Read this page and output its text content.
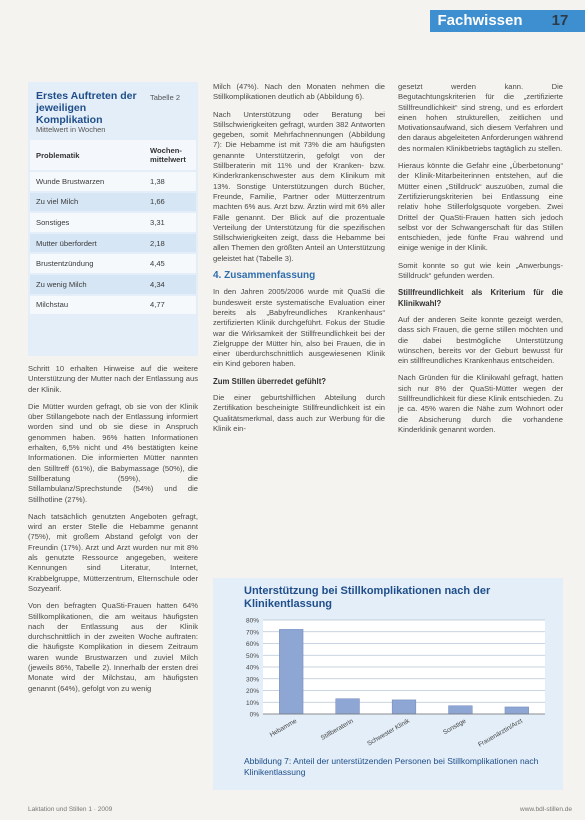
Fachwissen	17
Erstes Auftreten der jeweiligen Komplikation
Tabelle 2
Mittelwert in Wochen
Problematik	Wochen-mittelwert
Wunde Brustwarzen	1,38
Zu viel Milch	1,66
Sonstiges	3,31
Mutter überfordert	2,18
Brustentzündung	4,45
Zu wenig Milch	4,34
Milchstau	4,77

Schritt 10 erhalten Hinweise auf die weitere Unterstützung der Mutter nach der Entlassung aus der Klinik.

Die Mütter wurden gefragt, ob sie von der Klinik über Stillangebote nach der Entlassung informiert worden sind und ob sie diese in Anspruch genommen haben. 96% hatten Informationen erhalten, 6,5% nicht und 4% bestätigten keine Informationen. Die informierten Mütter nannten den Stilltreff (61%), die Babymassage (50%), die Stillberatung (59%), die Stillambulanz/Sprechstunde (54%) und die Stillhotline (27%).

Nach tatsächlich genutzten Angeboten gefragt, wird an erster Stelle die Hebamme genannt (75%), mit großem Abstand gefolgt von der Freundin (17%). Arzt und Arzt wurden nur mit 8% als genutzte Ressource angegeben, weitere Kennungen sind Literatur, Internet, Krabbelgruppe, Mütterzentrum, Elternschule oder Sozyearif.

Von den befragten QuaSti-Frauen hatten 64% Stillkomplikationen, die am weitaus häufigsten nach der Entlassung aus der Klinik durchschnittlich in der zweiten Woche auftraten: die häufigste Komplikation in diesem Zeitraum waren wunde Brustwarzen und zuviel Milch (jeweils 86%, Tabelle 2). Innerhalb der ersten drei Monate wird der Milchstau, am häufigsten genannt (64%), gefolgt von zu wenig

Milch (47%). Nach den Monaten nehmen die Stillkomplikationen deutlich ab (Abbildung 6).

Nach Unterstützung oder Beratung bei Stillschwierigkeiten gefragt, wurden 382 Antworten gegeben, somit Mehrfachnennungen (Abbildung 7): Die Hebamme ist mit 73% die am häufigsten genannte Unterstützerin, gefolgt von der Stillberaterin mit 11% und der Kranken- bzw. Kinderkrankenschwester aus dem Klinikum mit 13%. Sonstige Unterstützungen durch Bücher, Freunde, Familie, Partner oder Mütterzentrum machten 6% aus. Arzt bzw. Ärztin wird mit 6% aller Fälle genannt. Der Blick auf die prozentuale Verteilung der Unterstützung für die spezifischen Stillschwierigkeiten zeigt, dass die Hebamme bei allen Themen den größten Anteil an Unterstützung geleistet hat (Tabelle 3).

4. Zusammenfassung

In den Jahren 2005/2006 wurde mit QuaSti die bundesweit erste systematische Evaluation einer bereits als „Babyfreundliches Krankenhaus“ zertifizierten Klinik durchgeführt. Fokus der Studie war die Wirksamkeit der Stillfreundlichkeit bei der Zielgruppe der Mütter hin, also bei Frauen, die in einer überdurchschnittlich ausgewiesenen Klinik ein Kind geboren haben.

Zum Stillen überredet gefühlt?

Die einer geburtshilflichen Abteilung durch Zertifikation bescheinigte Stillfreundlichkeit ist ein Qualitätsmerkmal, dass auch zur Werbung für die Klinik ein-

gesetzt werden kann. Die Begutachtungskriterien für die „zertifizierte Stillfreundlichkeit“ sind streng, und es erfordert einen hohen strukturellen, zeitlichen und Motivationsaufwand, sich diesem Verfahren und den daraus abgeleiteten Anforderungen während des normalen Klinikbetriebs tagtäglich zu stellen.

Hieraus könnte die Gefahr eine „Überbetonung“ der Klinik-Mitarbeiterinnen entstehen, auf die Mütter einen „Stilldruck“ auszuüben, zumal die Zertifizierungskriterien bei Entlassung eine relativ hohe Stillerfolgsquote vorgeben. Zwei Drittel der QuaSti-Frauen hatten sich jedoch selbst vor der Schwangerschaft für das Stillen entschieden, jede fünfte Frau während und einige wenige in der Klinik.

Somit konnte so gut wie kein „Anwerbungs-Stilldruck“ gefunden werden.

Stillfreundlichkeit als Kriterium für die Klinikwahl?

Auf der anderen Seite konnte gezeigt werden, dass sich Frauen, die gerne stillen möchten und die dabei bestmögliche Unterstützung wünschen, bereits vor der Geburt bewusst für ein stillfreundliches Krankenhaus entscheiden.

Nach Gründen für die Klinikwahl gefragt, hatten sich nur 8% der QuaSti-Mütter wegen der Stillfreundlichkeit für diese Klinik entschieden. Zu je ca. 45% waren die Nähe zum Wohnort oder die Absicherung durch die vorhandene Kinderklinik genannt worden.

Unterstützung bei Stillkomplikationen nach der Klinikentlassung
0%
10%
20%
30%
40%
50%
60%
70%
80%
Hebamme	Stillberaterin Schwester Klinik	Sonstige Frauenärztin/Arzt
Abbildung 7: Anteil der unterstützenden Personen bei Stillkomplikationen nach Klinikentlassung
Laktation und Stillen 1 · 2009	www.bdl-stillen.de
